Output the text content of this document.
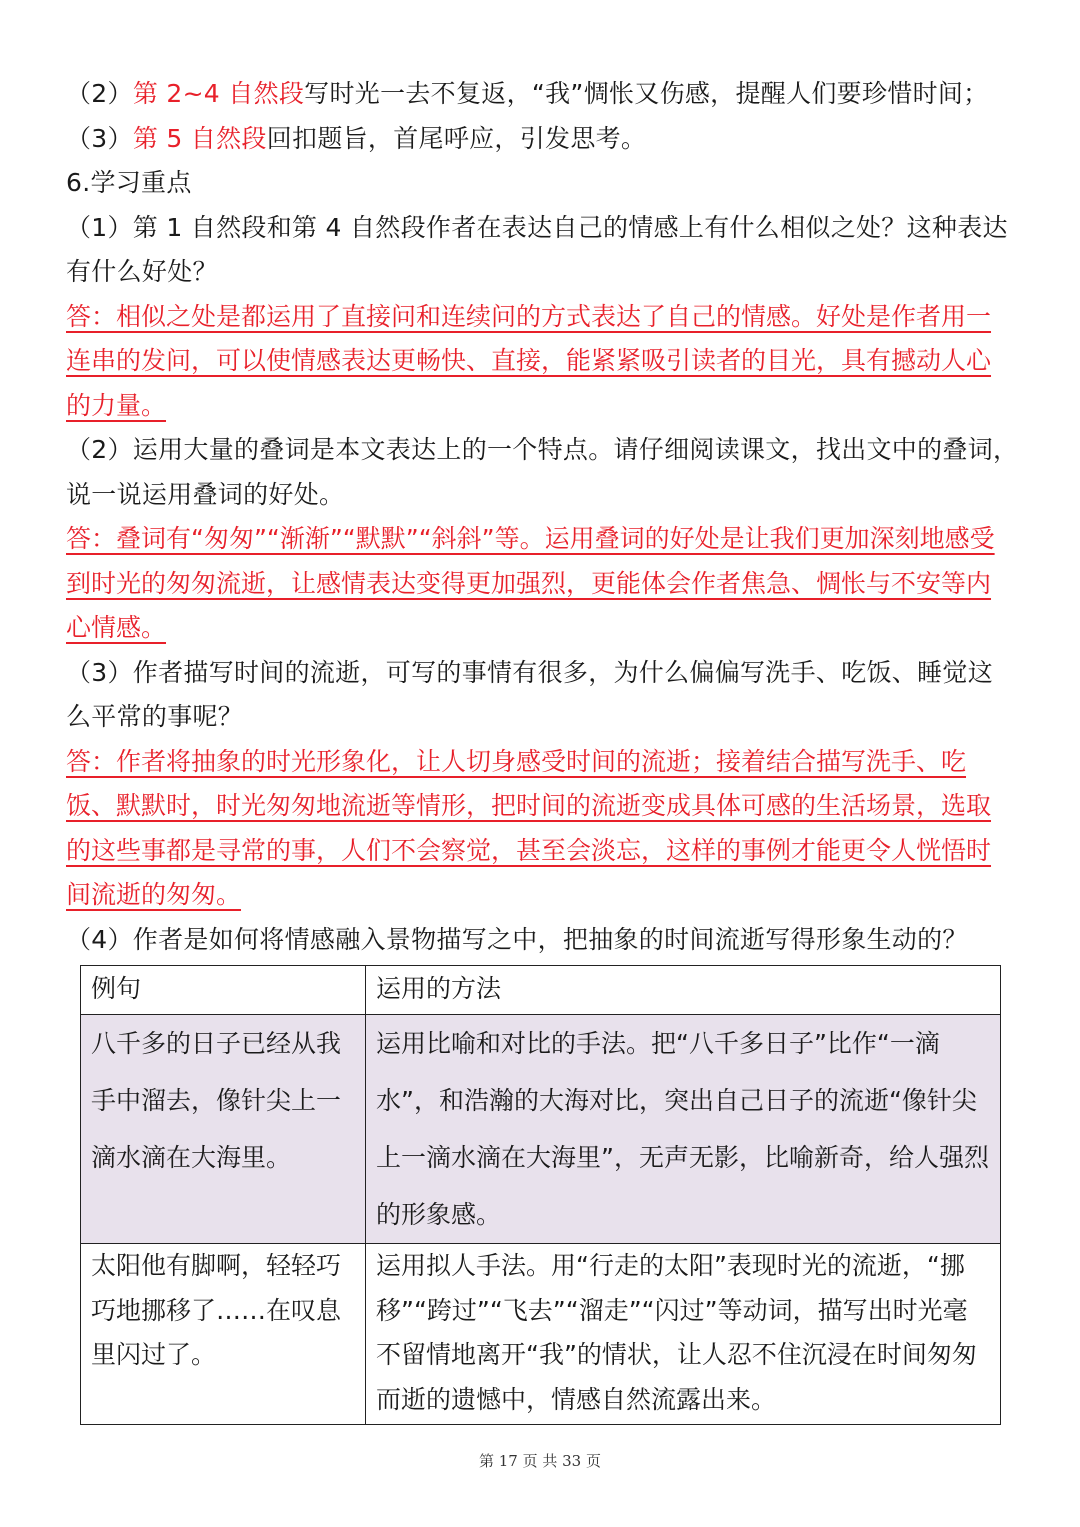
（2）第 2~4 自然段写时光一去不复返，“我”惆怅又伤感，提醒人们要珍惜时间；
（3）第 5 自然段回扣题旨，首尾呼应，引发思考。
6.学习重点
（1）第 1 自然段和第 4 自然段作者在表达自己的情感上有什么相似之处？这种表达
有什么好处？
答：相似之处是都运用了直接问和连续问的方式表达了自己的情感。好处是作者用一连串的发问，可以使情感表达更畅快、直接，能紧紧吸引读者的目光，具有撼动人心的力量。
（2）运用大量的叠词是本文表达上的一个特点。请仔细阅读课文，找出文中的叠词，
说一说运用叠词的好处。
答：叠词有“匆匆”“渐渐”“默默”“斜斜”等。运用叠词的好处是让我们更加深刻地感受到时光的匆匆流逝，让感情表达变得更加强烈，更能体会作者焦急、惆怅与不安等内心情感。
（3）作者描写时间的流逝，可写的事情有很多，为什么偏偏写洗手、吃饭、睡觉这
么平常的事呢？
答：作者将抽象的时光形象化，让人切身感受时间的流逝；接着结合描写洗手、吃饭、默默时，时光匆匆地流逝等情形，把时间的流逝变成具体可感的生活场景，选取的这些事都是寻常的事，人们不会察觉，甚至会淡忘，这样的事例才能更令人恍悟时间流逝的匆匆。
（4）作者是如何将情感融入景物描写之中，把抽象的时间流逝写得形象生动的？
例句	运用的方法
八千多的日子已经从我手中溜去，像针尖上一滴水滴在大海里。	运用比喻和对比的手法。把“八千多日子”比作“一滴水”，和浩瀚的大海对比，突出自己日子的流逝“像针尖上一滴水滴在大海里”，无声无影，比喻新奇，给人强烈的形象感。
太阳他有脚啊，轻轻巧巧地挪移了……在叹息里闪过了。	运用拟人手法。用“行走的太阳”表现时光的流逝，“挪移”“跨过”“飞去”“溜走”“闪过”等动词，描写出时光毫不留情地离开“我”的情状，让人忍不住沉浸在时间匆匆而逝的遗憾中，情感自然流露出来。
第 17 页 共 33 页
